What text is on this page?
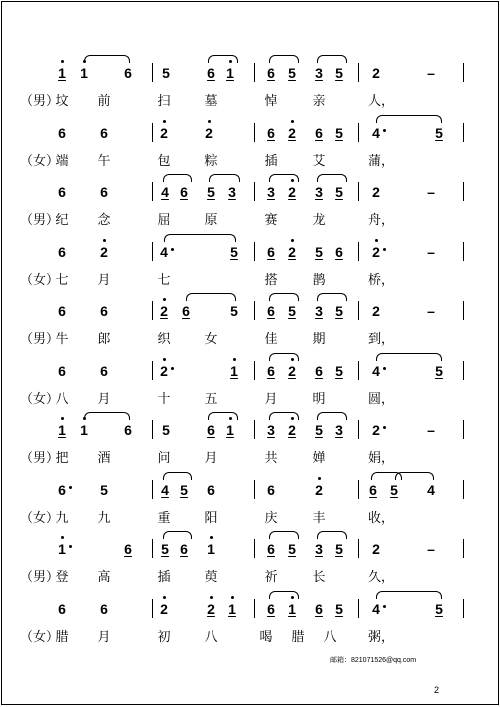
1 1	6 5	6 1 6 5 3 5 2	–
（男）
坟 前	扫	墓	悼	亲	人，
6 6	2	2	6 2 6 5 4	5
（女）
端 午	包	粽	插	艾	蒲，
6 6	4 6 5 3 3 2 3 5 2	–
（男）
纪 念	屈	原	赛	龙	舟，
6 2	4	5 6 2 5 6 2	–
（女）
七 月	七	搭	鹊	桥，
6 6	2 6	5 6 5 3 5 2	–
（男）
牛 郎	织	女	佳	期	到，
6 6	2	1 6 2 6 5 4	5
（女）
八 月	十	五	月	明	圆，
1 1	6 5	6 1 3 2 5 3 2	–
（男）
把 酒	问	月	共	婵	娟，
6 5	4 5 6	6	2	6 5 4
（女）
九 九	重	阳	庆	丰	收，
1	6 5 6 1	6 5 3 5 2	–
（男）
登 高	插	萸	祈	长	久，
6 6	2	2 1 6 1 6 5 4	5
（女）
腊 月	初	八	喝 腊 八 粥，
邮箱：821071526@qq.com
2
